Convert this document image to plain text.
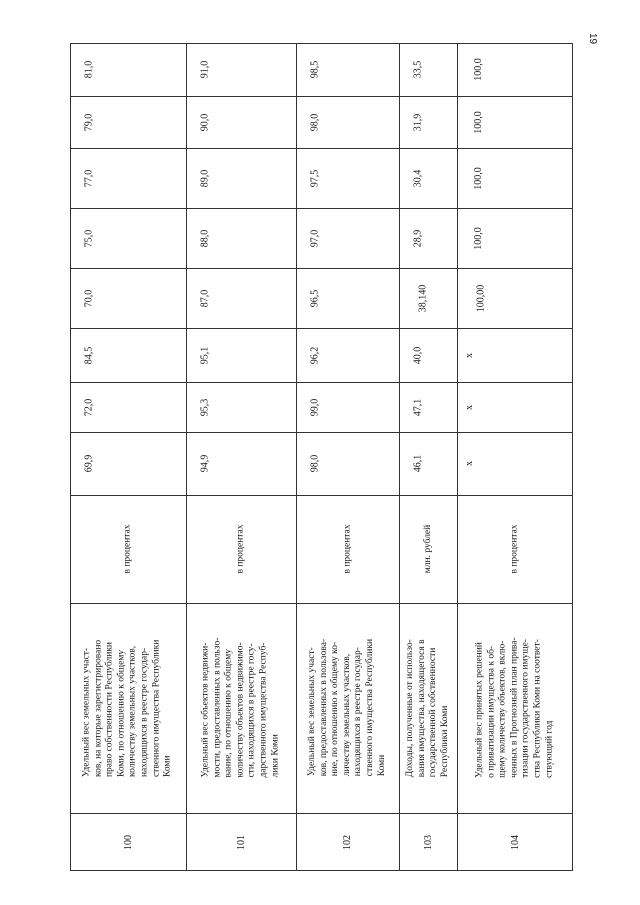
19
100
Удельный вес земельных участ-
ков, на которые зарегистрировано
право собственности Республики
Коми, по отношению к общему
количеству земельных участков,
находящихся в реестре государ-
ственного имущества Республики
Коми
в процентах
69,9
72,0
84,5
70,0
75,0
77,0
79,0
81,0
101
Удельный вес объектов недвижи-
мости, предоставленных в пользо-
вание, по отношению к общему
количеству объектов недвижимо-
сти, находящихся в реестре госу-
дарственного имущества Респуб-
лики Коми
в процентах
94,9
95,3
95,1
87,0
88,0
89,0
90,0
91,0
102
Удельный вес земельных участ-
ков, предоставленных в пользова-
ние, по отношению к общему ко-
личеству земельных участков,
находящихся в реестре государ-
ственного имущества Республики
Коми
в процентах
98,0
99,0
96,2
96,5
97,0
97,5
98,0
98,5
103
Доходы, полученные от использо-
вания имущества, находящегося в
государственной собственности
Республики Коми
млн. рублей
46,1
47,1
40,0
38,140
28,9
30,4
31,9
33,5
104
Удельный вес принятых решений
о приватизации имущества к об-
щему количеству объектов, вклю-
ченных в Прогнозный план прива-
тизации государственного имуще-
ства Республики Коми на соответ-
ствующий год
в процентах
x
x
x
100,00
100,0
100,0
100,0
100,0
